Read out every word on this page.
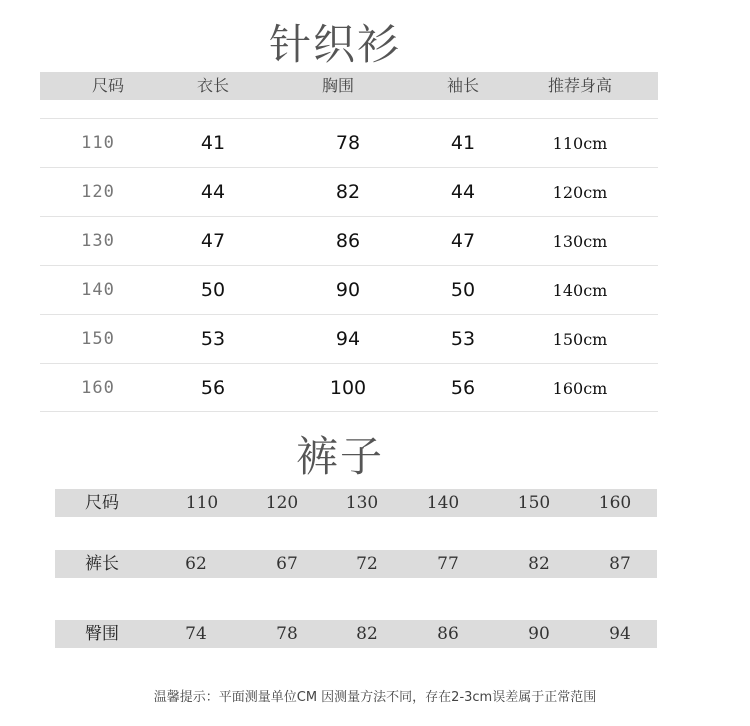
针织衫
尺码	衣长	胸围	袖长	推荐身高
110	41	78	41	110cm
120	44	82	44	120cm
130	47	86	47	130cm
140	50	90	50	140cm
150	53	94	53	150cm
160	56	100	56	160cm
裤子
尺码	110	120	130	140	150	160
裤长	62	67	72	77	82	87
臀围	74	78	82	86	90	94
温馨提示：平面测量单位CM 因测量方法不同，存在2-3cm误差属于正常范围
